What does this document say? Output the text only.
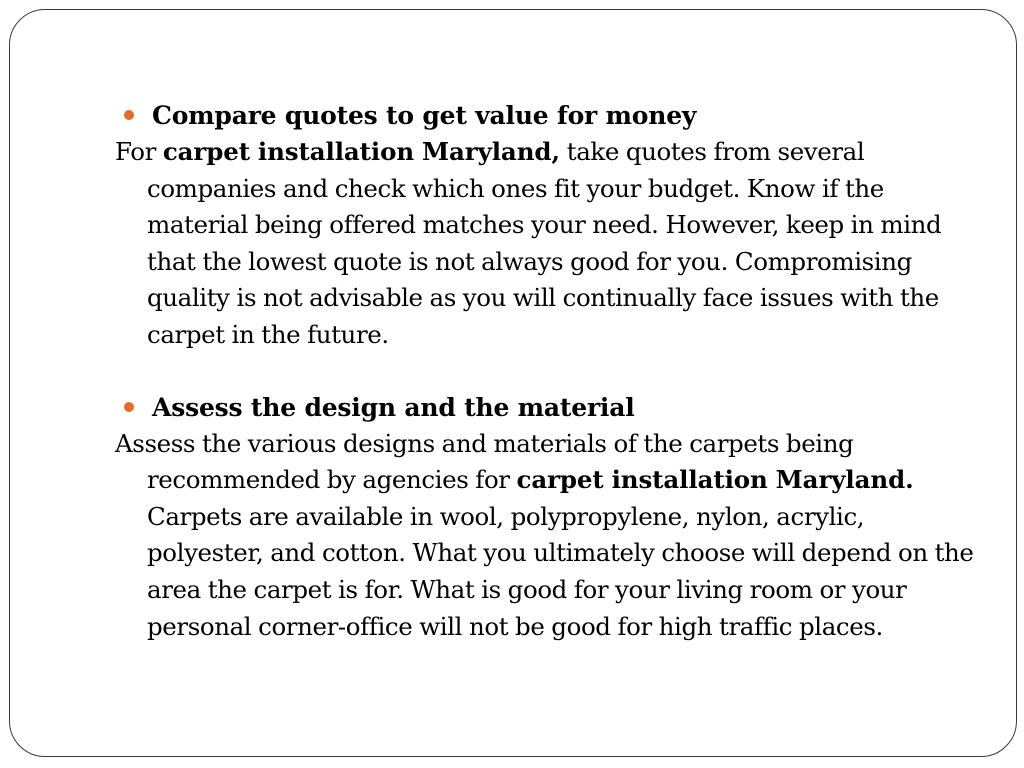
Compare quotes to get value for money

For carpet installation Maryland, take quotes from several companies and check which ones fit your budget. Know if the material being offered matches your need. However, keep in mind that the lowest quote is not always good for you. Compromising quality is not advisable as you will continually face issues with the carpet in the future.

Assess the design and the material

Assess the various designs and materials of the carpets being recommended by agencies for carpet installation Maryland. Carpets are available in wool, polypropylene, nylon, acrylic, polyester, and cotton. What you ultimately choose will depend on the area the carpet is for. What is good for your living room or your personal corner-office will not be good for high traffic places.
